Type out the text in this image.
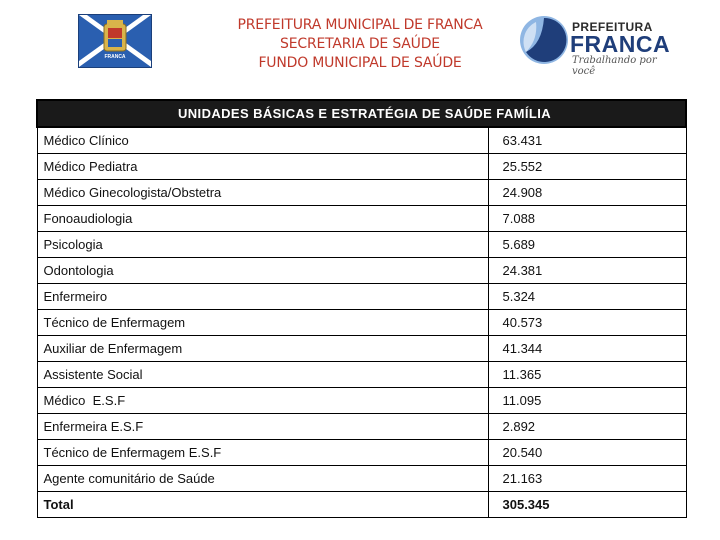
FRANCA
PREFEITURA MUNICIPAL DE FRANCA
SECRETARIA DE SAÚDE
FUNDO MUNICIPAL DE SAÚDE
PREFEITURA
FRANCA
Trabalhando por você
UNIDADES BÁSICAS E ESTRATÉGIA DE SAÚDE FAMÍLIA	
Médico Clínico	63.431
Médico Pediatra	25.552
Médico Ginecologista/Obstetra	24.908
Fonoaudiologia	7.088
Psicologia	5.689
Odontologia	24.381
Enfermeiro	5.324
Técnico de Enfermagem	40.573
Auxiliar de Enfermagem	41.344
Assistente Social	11.365
Médico  E.S.F	11.095
Enfermeira E.S.F	2.892
Técnico de Enfermagem E.S.F	20.540
Agente comunitário de Saúde	21.163
Total	305.345
